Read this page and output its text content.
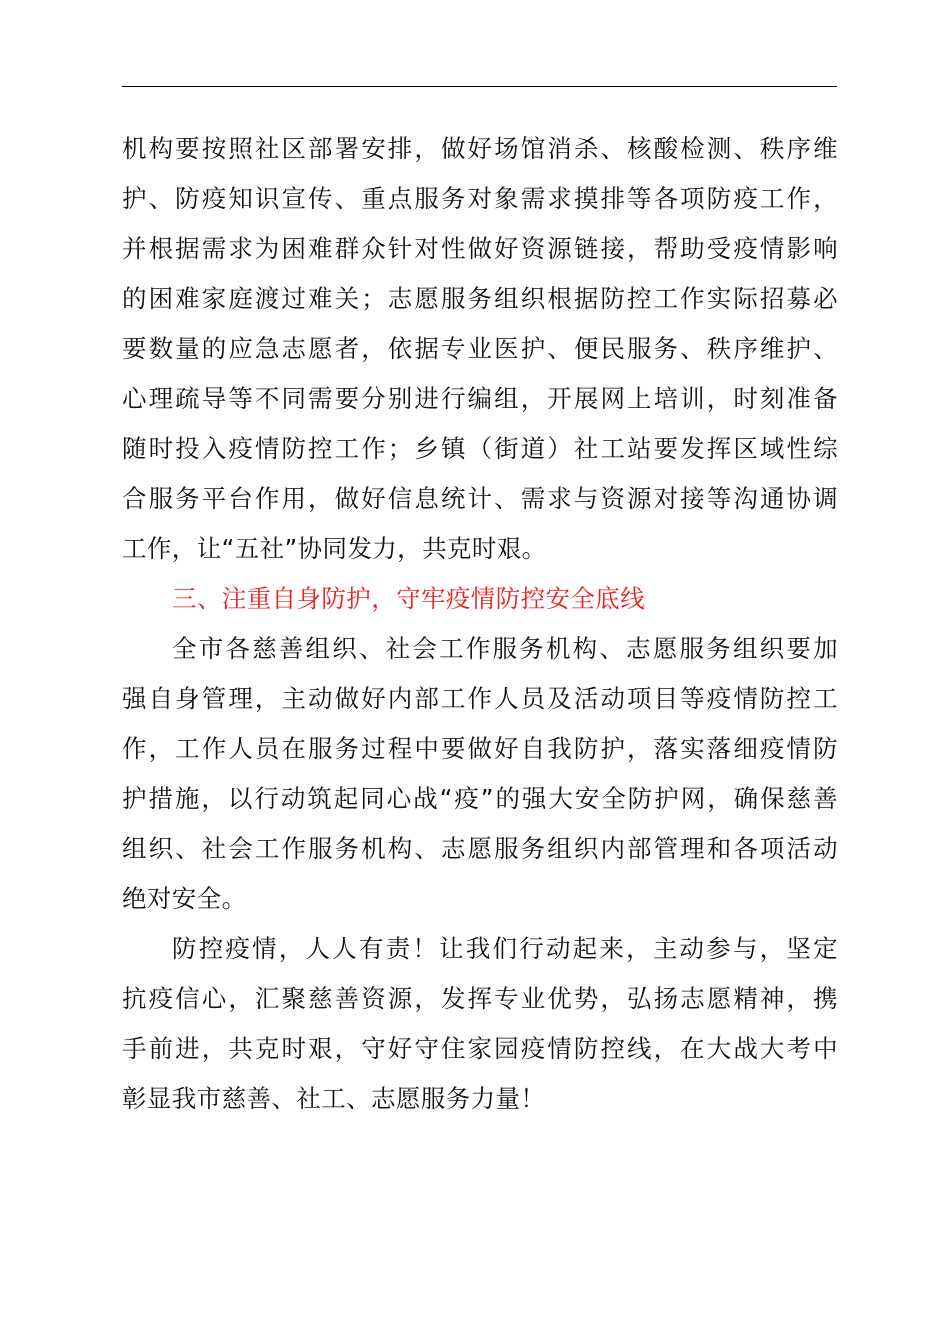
机构要按照社区部署安排，做好场馆消杀、核酸检测、秩序维
护、防疫知识宣传、重点服务对象需求摸排等各项防疫工作，
并根据需求为困难群众针对性做好资源链接，帮助受疫情影响
的困难家庭渡过难关；志愿服务组织根据防控工作实际招募必
要数量的应急志愿者，依据专业医护、便民服务、秩序维护、
心理疏导等不同需要分别进行编组，开展网上培训，时刻准备
随时投入疫情防控工作；乡镇（街道）社工站要发挥区域性综
合服务平台作用，做好信息统计、需求与资源对接等沟通协调
工作，让“五社”协同发力，共克时艰。
三、注重自身防护，守牢疫情防控安全底线
全市各慈善组织、社会工作服务机构、志愿服务组织要加
强自身管理，主动做好内部工作人员及活动项目等疫情防控工
作，工作人员在服务过程中要做好自我防护，落实落细疫情防
护措施，以行动筑起同心战“疫”的强大安全防护网，确保慈善
组织、社会工作服务机构、志愿服务组织内部管理和各项活动
绝对安全。
防控疫情，人人有责！让我们行动起来，主动参与，坚定
抗疫信心，汇聚慈善资源，发挥专业优势，弘扬志愿精神，携
手前进，共克时艰，守好守住家园疫情防控线，在大战大考中
彰显我市慈善、社工、志愿服务力量！
